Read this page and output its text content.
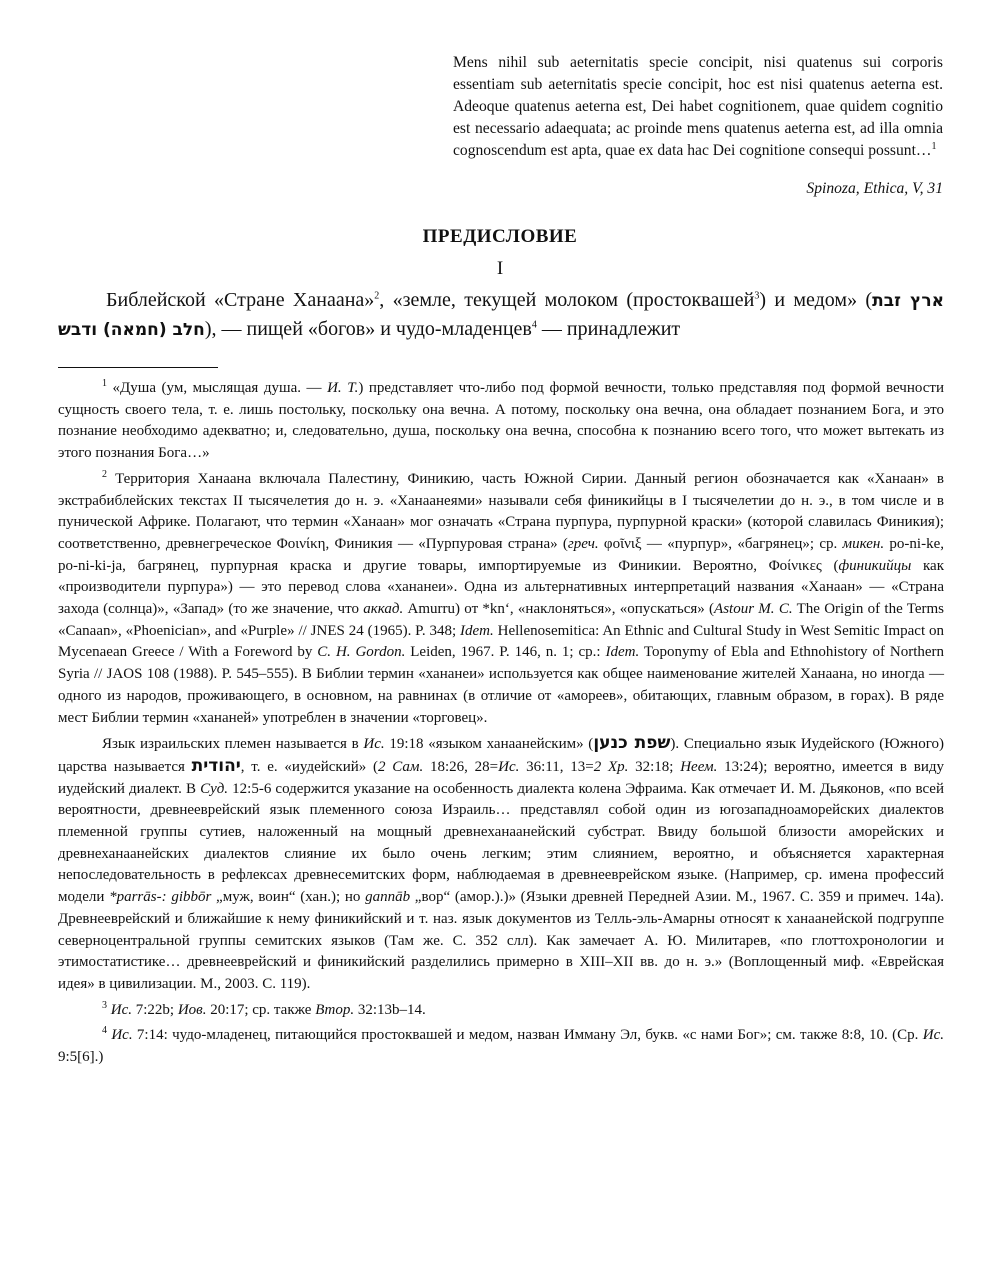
Mens nihil sub aeternitatis specie concipit, nisi quatenus sui corporis essentiam sub aeternitatis specie concipit, hoc est nisi quatenus aeterna est. Adeoque quatenus aeterna est, Dei habet cognitionem, quae quidem cognitio est necessario adaequata; ac proinde mens quatenus aeterna est, ad illa omnia cognoscendum est apta, quae ex data hac Dei cognitione consequi possunt…$^1$

Spinoza, Ethica, V, 31

ПРЕДИСЛОВИЕ
I

Библейской «Стране Ханаана»$^2$, «земле, текущей молоком (простоквашей$^3$) и медом» (ארץ זבת חלב (חמאה) ודבש), — пищей «богов» и чудо-младенцев$^4$ — принадлежит

$^1$ «Душа (ум, мыслящая душа. — И. Т.) представляет что-либо под формой вечности, только представляя под формой вечности сущность своего тела, т. е. лишь постольку, поскольку она вечна. А потому, поскольку она вечна, она обладает познанием Бога, и это познание необходимо адекватно; и, следовательно, душа, поскольку она вечна, способна к познанию всего того, что может вытекать из этого познания Бога…»

$^2$ Территория Ханаана включала Палестину, Финикию, часть Южной Сирии. Данный регион обозначается как «Ханаан» в экстрабиблейских текстах II тысячелетия до н. э. «Ханаанеями» называли себя финикийцы в I тысячелетии до н. э., в том числе и в пунической Африке. Полагают, что термин «Ханаан» мог означать «Страна пурпура, пурпурной краски» (которой славилась Финикия); соответственно, древнегреческое Φοινίκη, Финикия — «Пурпуровая страна» (греч. φοῖνιξ — «пурпур», «багрянец»; ср. микен. po-ni-ke, po-ni-ki-ja, багрянец, пурпурная краска и другие товары, импортируемые из Финикии. Вероятно, Φοίνικες (финикийцы как «производители пурпура») — это перевод слова «хананеи». Одна из альтернативных интерпретаций названия «Ханаан» — «Страна захода (солнца)», «Запад» (то же значение, что аккад. Amurru) от *kn‘, «наклоняться», «опускаться» (Astour M. C. The Origin of the Terms «Canaan», «Phoenician», and «Purple» // JNES 24 (1965). P. 348; Idem. Hellenosemitica: An Ethnic and Cultural Study in West Semitic Impact on Mycenaean Greece / With a Foreword by C. H. Gordon. Leiden, 1967. P. 146, n. 1; cp.: Idem. Toponymy of Ebla and Ethnohistory of Northern Syria // JAOS 108 (1988). P. 545–555). В Библии термин «хананеи» используется как общее наименование жителей Ханаана, но иногда — одного из народов, проживающего, в основном, на равнинах (в отличие от «амореев», обитающих, главным образом, в горах). В ряде мест Библии термин «хананей» употреблен в значении «торговец».

Язык израильских племен называется в Ис. 19:18 «языком ханаанейским» (שפת כנען). Специально язык Иудейского (Южного) царства называется יהודית, т. е. «иудейский» (2 Сам. 18:26, 28=Ис. 36:11, 13=2 Хр. 32:18; Неем. 13:24); вероятно, имеется в виду иудейский диалект. В Суд. 12:5-6 содержится указание на особенность диалекта колена Эфраима. Как отмечает И. М. Дьяконов, «по всей вероятности, древнееврейский язык племенного союза Израиль… представлял собой один из югозападноаморейских диалектов племенной группы сутиев, наложенный на мощный древнеханаанейский субстрат. Ввиду большой близости аморейских и древнеханаанейских диалектов слияние их было очень легким; этим слиянием, вероятно, и объясняется характерная непоследовательность в рефлексах древнесемитских форм, наблюдаемая в древнееврейском языке. (Например, ср. имена профессий модели *parrās-: gibbōr „муж, воин“ (хан.); но gannāb „вор“ (амор.).)» (Языки древней Передней Азии. М., 1967. С. 359 и примеч. 14а). Древнееврейский и ближайшие к нему финикийский и т. наз. язык документов из Телль-эль-Амарны относят к ханаанейской подгруппе северноцентральной группы семитских языков (Там же. С. 352 слл). Как замечает А. Ю. Милитарев, «по глоттохронологии и этимостатистике… древнееврейский и финикийский разделились примерно в XIII–XII вв. до н. э.» (Воплощенный миф. «Еврейская идея» в цивилизации. М., 2003. С. 119).

$^3$ Ис. 7:22b; Иов. 20:17; ср. также Втор. 32:13b–14.

$^4$ Ис. 7:14: чудо-младенец, питающийся простоквашей и медом, назван Имману Эл, букв. «с нами Бог»; см. также 8:8, 10. (Ср. Ис. 9:5[6].)
